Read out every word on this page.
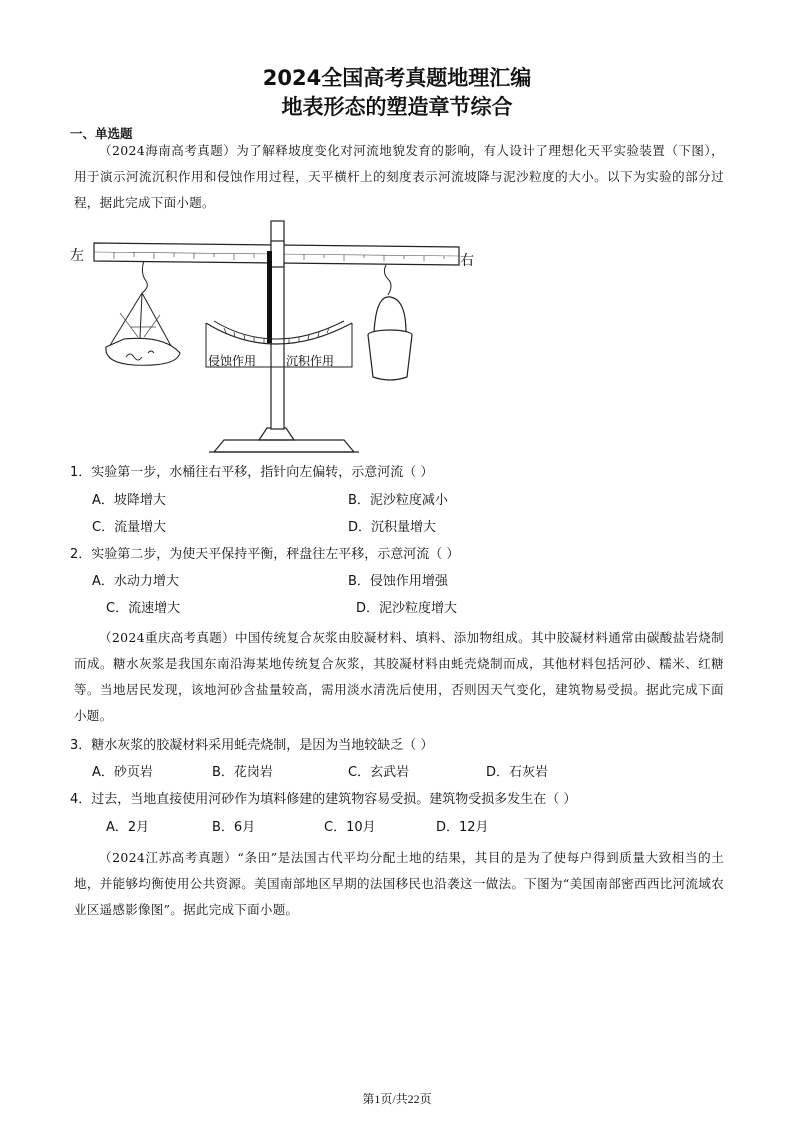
2024全国高考真题地理汇编
地表形态的塑造章节综合
一、单选题
（2024海南高考真题）为了解释坡度变化对河流地貌发育的影响，有人设计了理想化天平实验装置（下图），用于演示河流沉积作用和侵蚀作用过程，天平横杆上的刻度表示河流坡降与泥沙粒度的大小。以下为实验的部分过程，据此完成下面小题。
侵蚀作用 沉积作用
左	右
1．实验第一步，水桶往右平移，指针向左偏转，示意河流（ ）
A．坡降增大	B．泥沙粒度减小
C．流量增大	D．沉积量增大
2．实验第二步，为使天平保持平衡，秤盘往左平移，示意河流（ ）
A．水动力增大	B．侵蚀作用增强
C．流速增大	D．泥沙粒度增大
（2024重庆高考真题）中国传统复合灰浆由胶凝材料、填料、添加物组成。其中胶凝材料通常由碳酸盐岩烧制而成。糖水灰浆是我国东南沿海某地传统复合灰浆，其胶凝材料由蚝壳烧制而成，其他材料包括河砂、糯米、红糖等。当地居民发现，该地河砂含盐量较高，需用淡水清洗后使用，否则因天气变化，建筑物易受损。据此完成下面小题。
3．糖水灰浆的胶凝材料采用蚝壳烧制，是因为当地较缺乏（ ）
A．砂页岩	B．花岗岩	C．玄武岩	D．石灰岩
4．过去，当地直接使用河砂作为填料修建的建筑物容易受损。建筑物受损多发生在（ ）
A．2月	B．6月	C．10月	D．12月
（2024江苏高考真题）“条田”是法国古代平均分配土地的结果，其目的是为了使每户得到质量大致相当的土地，并能够均衡使用公共资源。美国南部地区早期的法国移民也沿袭这一做法。下图为“美国南部密西西比河流域农业区遥感影像图”。据此完成下面小题。
第1页/共22页
